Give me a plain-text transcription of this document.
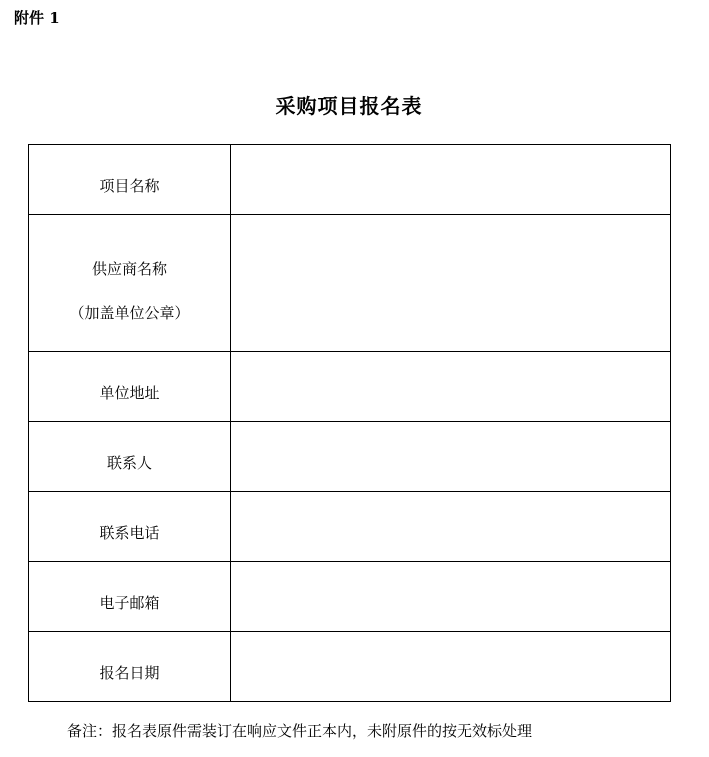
附件 1
采购项目报名表
项目名称	

供应商名称
（加盖单位公章）	

单位地址	

联系人	

联系电话	

电子邮箱	

报名日期	

备注：报名表原件需装订在响应文件正本内，未附原件的按无效标处理
